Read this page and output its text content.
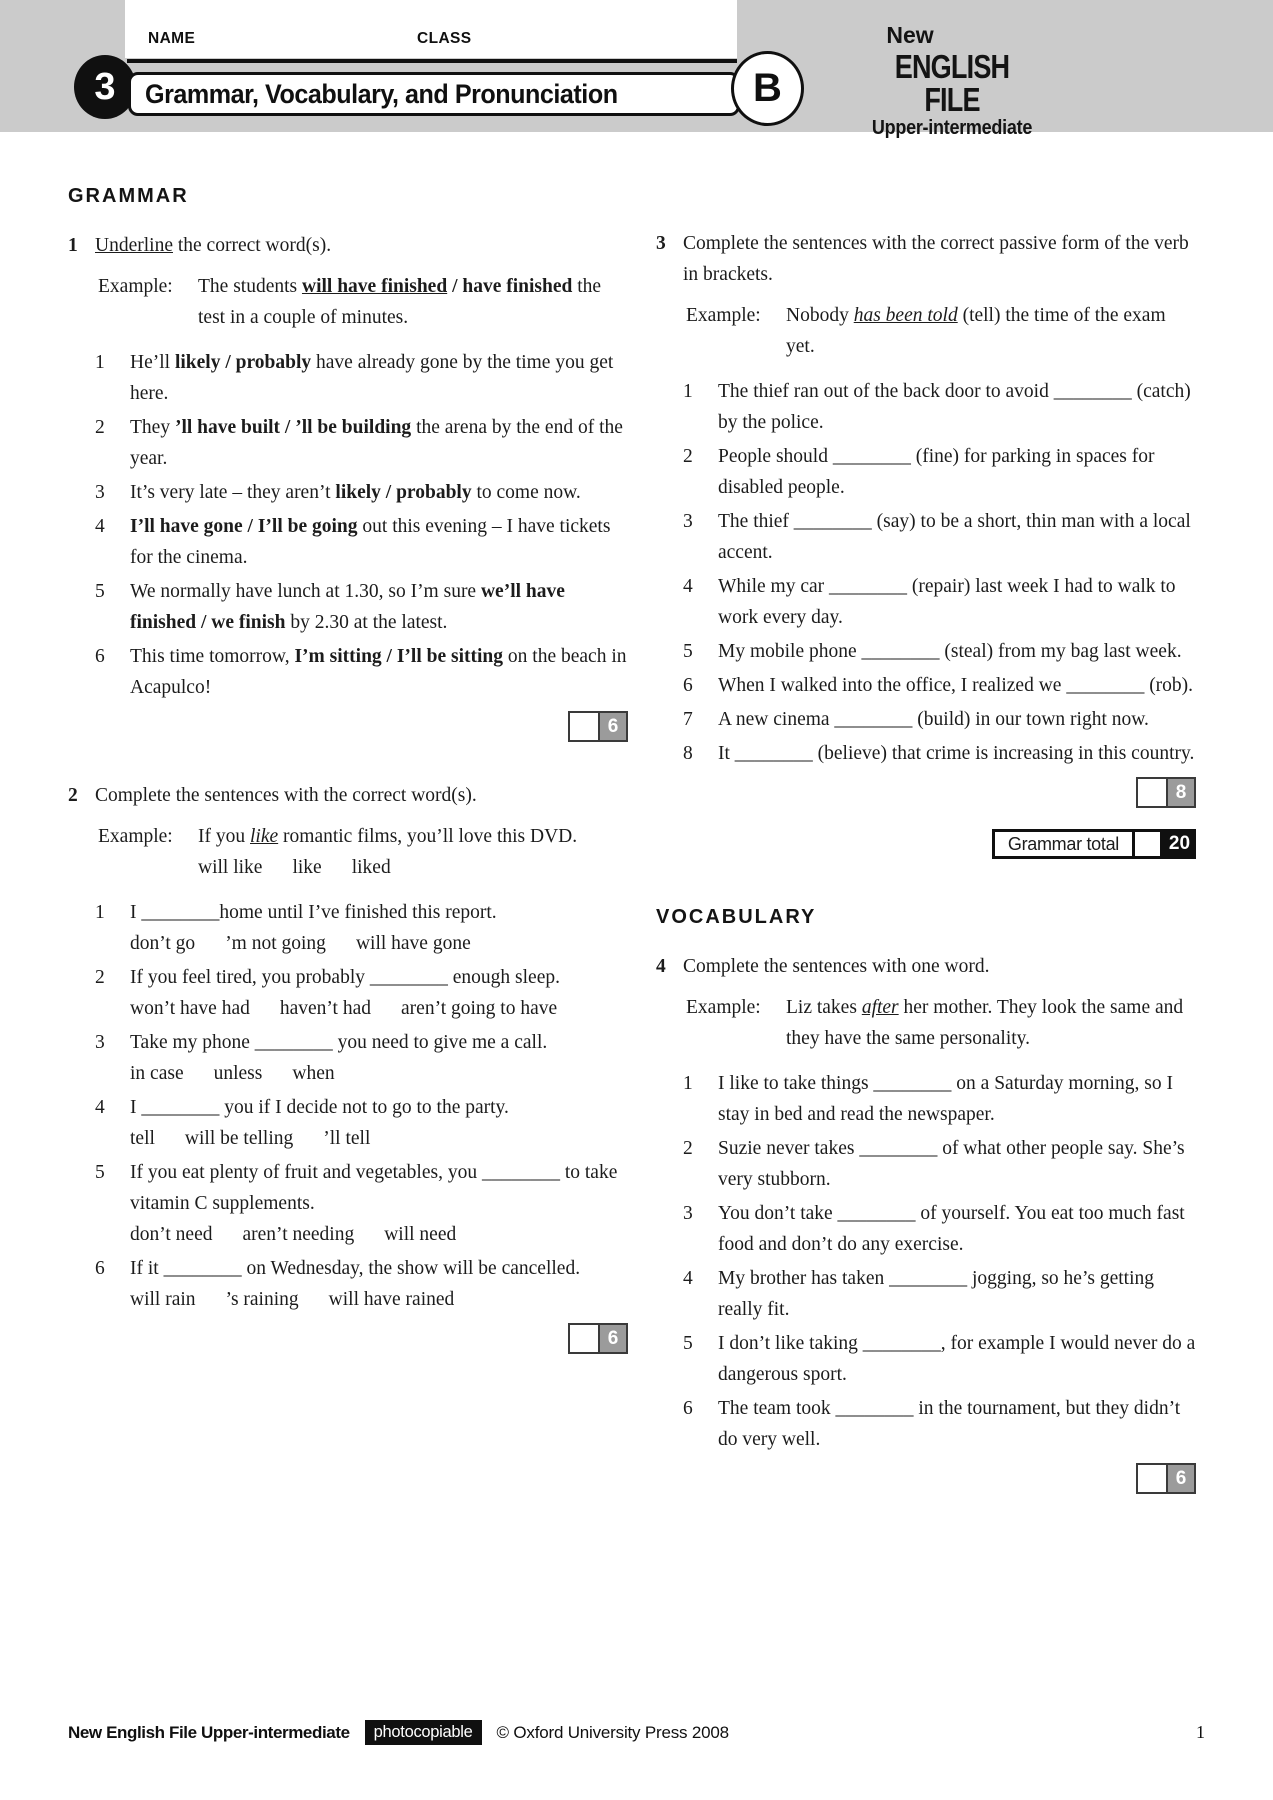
NAME	CLASS
3	Grammar, Vocabulary, and Pronunciation	B
New
ENGLISH FILE
Upper-intermediate
GRAMMAR
1 Underline the correct word(s).
Example:	The students will have finished / have finished the test in a couple of minutes.
1	He’ll likely / probably have already gone by the time you get here.
2	They ’ll have built / ’ll be building the arena by the end of the year.
3	It’s very late – they aren’t likely / probably to come now.
4	I’ll have gone / I’ll be going out this evening – I have tickets for the cinema.
5	We normally have lunch at 1.30, so I’m sure we’ll have finished / we finish by 2.30 at the latest.
6	This time tomorrow, I’m sitting / I’ll be sitting on the beach in Acapulco!
6
2 Complete the sentences with the correct word(s).
Example:	If you like romantic films, you’ll love this DVD.
will like like liked
1	I ________home until I’ve finished this report.
don’t go ’m not going will have gone
2	If you feel tired, you probably ________ enough sleep.
won’t have had haven’t had aren’t going to have
3	Take my phone ________ you need to give me a call.
in case unless when
4	I ________ you if I decide not to go to the party.
tell will be telling ’ll tell
5	If you eat plenty of fruit and vegetables, you ________ to take vitamin C supplements.
don’t need aren’t needing will need
6	If it ________ on Wednesday, the show will be cancelled.
will rain ’s raining will have rained
6
3 Complete the sentences with the correct passive form of the verb in brackets.
Example:	Nobody has been told (tell) the time of the exam yet.
1	The thief ran out of the back door to avoid ________ (catch) by the police.
2	People should ________ (fine) for parking in spaces for disabled people.
3	The thief ________ (say) to be a short, thin man with a local accent.
4	While my car ________ (repair) last week I had to walk to work every day.
5	My mobile phone ________ (steal) from my bag last week.
6	When I walked into the office, I realized we ________ (rob).
7	A new cinema ________ (build) in our town right now.
8	It ________ (believe) that crime is increasing in this country.
8
Grammar total	20
VOCABULARY
4 Complete the sentences with one word.
Example:	Liz takes after her mother. They look the same and they have the same personality.
1	I like to take things ________ on a Saturday morning, so I stay in bed and read the newspaper.
2	Suzie never takes ________ of what other people say. She’s very stubborn.
3	You don’t take ________ of yourself. You eat too much fast food and don’t do any exercise.
4	My brother has taken ________ jogging, so he’s getting really fit.
5	I don’t like taking ________, for example I would never do a dangerous sport.
6	The team took ________ in the tournament, but they didn’t do very well.
6
New English File Upper-intermediate	photocopiable	© Oxford University Press 2008	1
